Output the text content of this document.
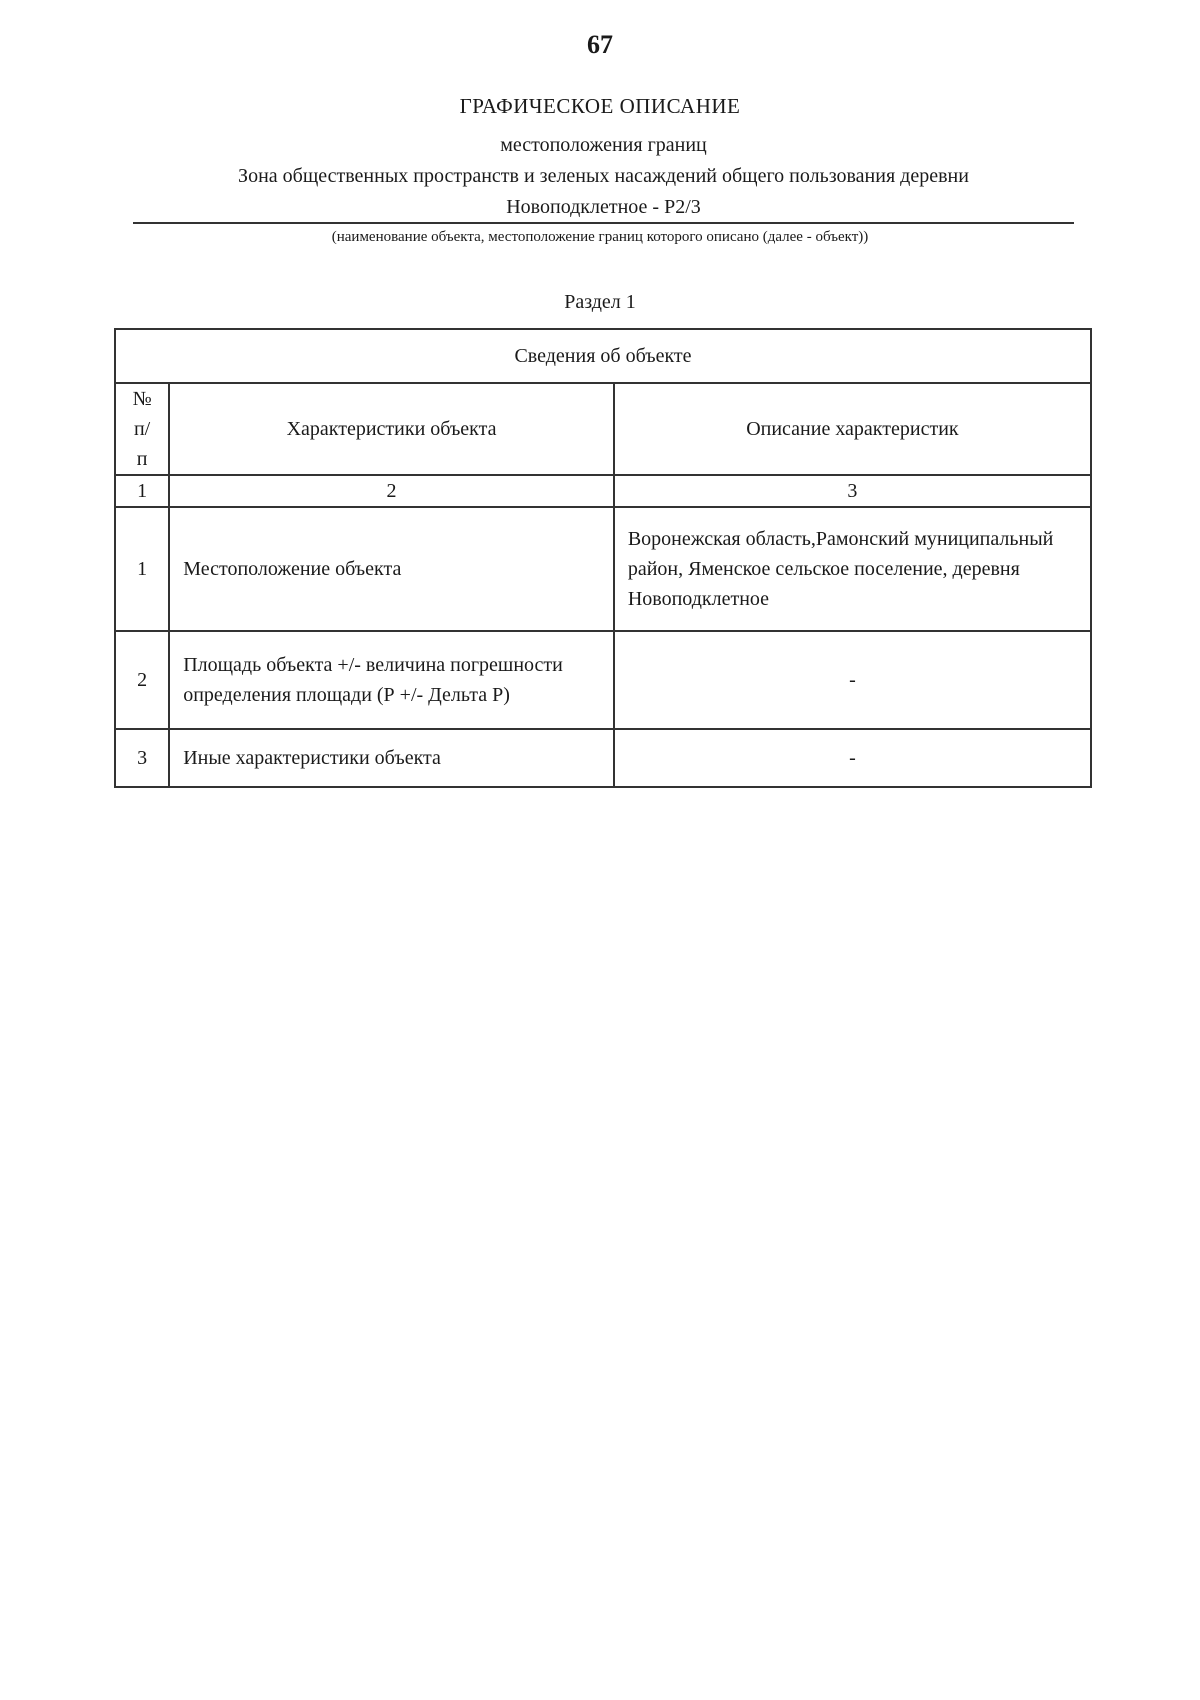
67
ГРАФИЧЕСКОЕ ОПИСАНИЕ
местоположения границ
Зона общественных пространств и зеленых насаждений общего пользования деревни
Новоподклетное - Р2/3
(наименование объекта, местоположение границ которого описано (далее - объект))
Раздел 1
Сведения об объекте		

№
п/п	Характеристики объекта	Описание характеристик
1	2	3
1	Местоположение объекта	Воронежская область,Рамонский муниципальный район, Яменское сельское поселение, деревня Новоподклетное
2	Площадь объекта +/- величина погрешности определения площади (Р +/- Дельта Р)	-
3	Иные характеристики объекта	-
